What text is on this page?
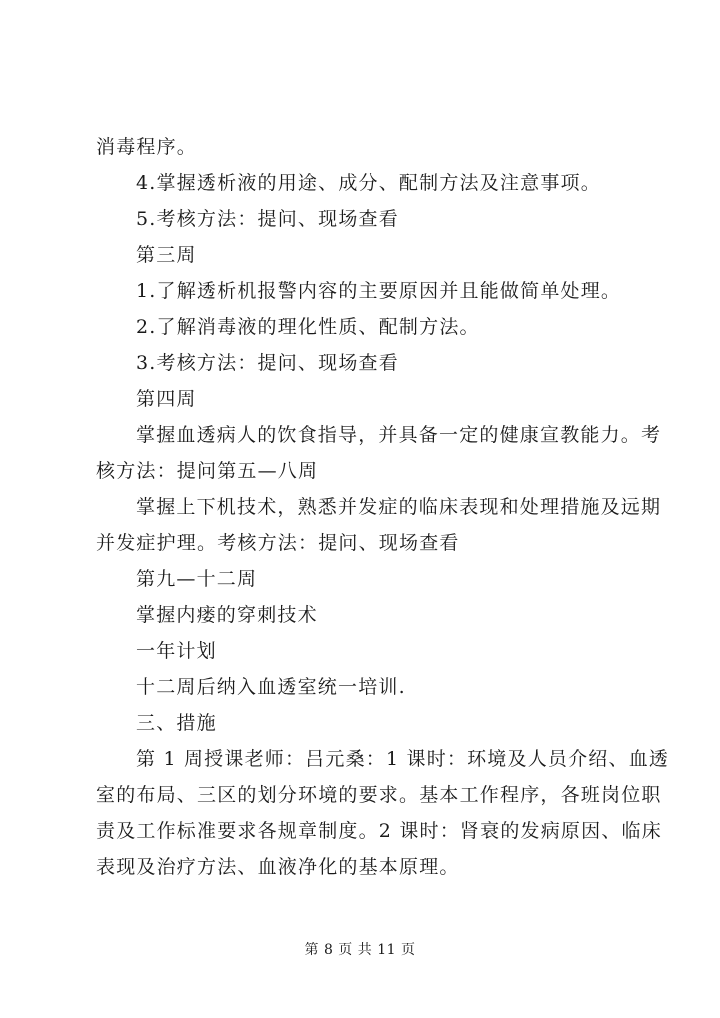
消毒程序。
4.掌握透析液的用途、成分、配制方法及注意事项。
5.考核方法：提问、现场查看
第三周
1.了解透析机报警内容的主要原因并且能做简单处理。
2.了解消毒液的理化性质、配制方法。
3.考核方法：提问、现场查看
第四周
掌握血透病人的饮食指导，并具备一定的健康宣教能力。考
核方法：提问第五—八周
掌握上下机技术，熟悉并发症的临床表现和处理措施及远期
并发症护理。考核方法：提问、现场查看
第九—十二周
掌握内瘘的穿刺技术
一年计划
十二周后纳入血透室统一培训.
三、措施
第 1 周授课老师：吕元桑：1 课时：环境及人员介绍、血透
室的布局、三区的划分环境的要求。基本工作程序，各班岗位职
责及工作标准要求各规章制度。2 课时：肾衰的发病原因、临床
表现及治疗方法、血液净化的基本原理。
第 8 页 共 11 页
